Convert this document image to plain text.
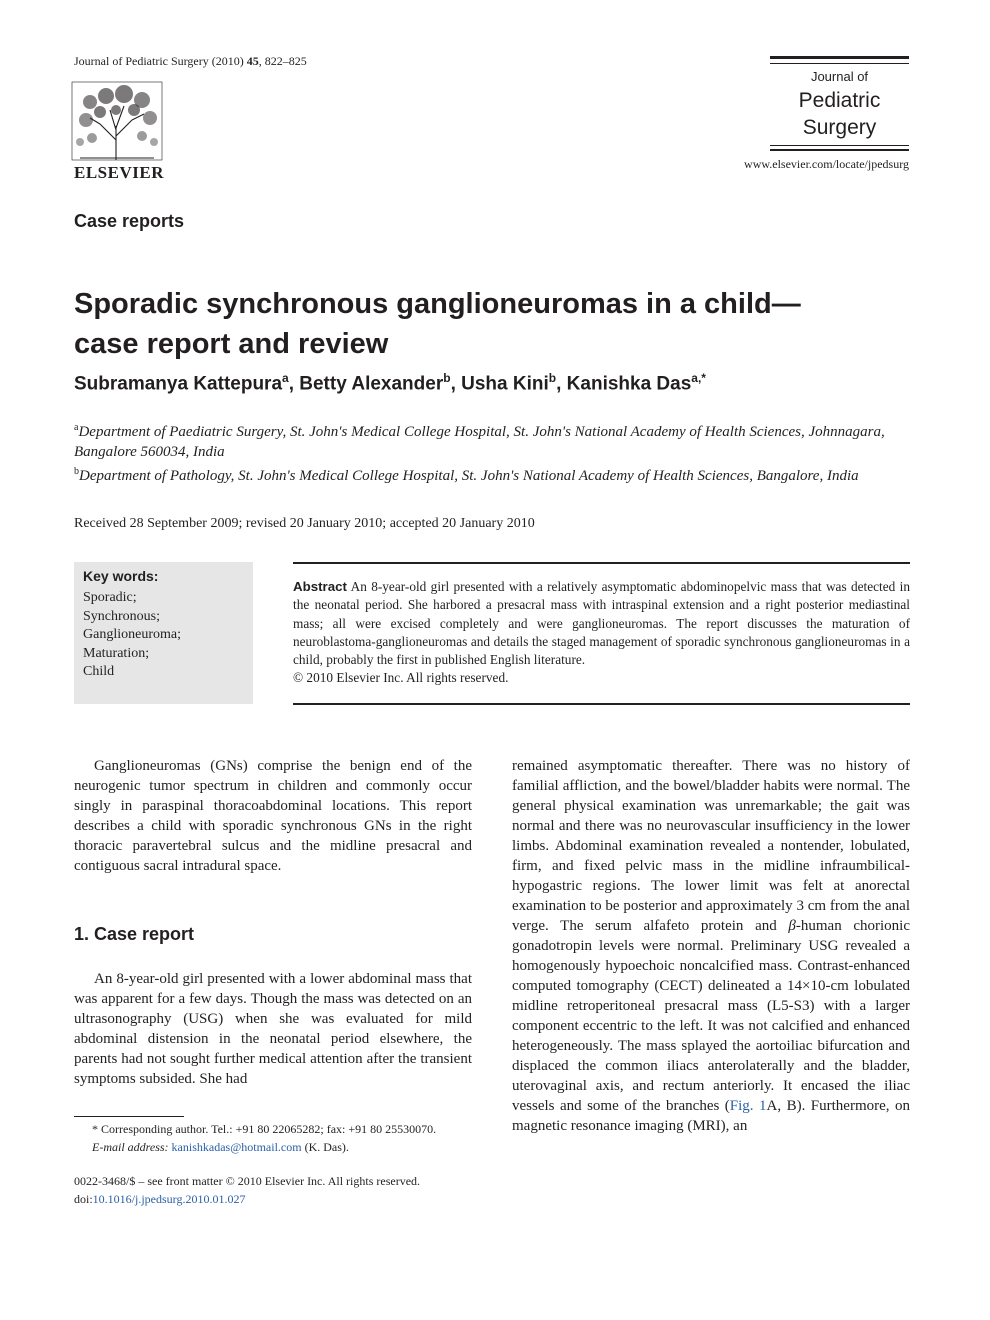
Journal of Pediatric Surgery (2010) 45, 822–825
ELSEVIER
Journal of
Pediatric
Surgery
www.elsevier.com/locate/jpedsurg
Case reports
Sporadic synchronous ganglioneuromas in a child—case report and review
Subramanya Kattepura$^a$, Betty Alexander$^b$, Usha Kini$^b$, Kanishka Das$^{a,*}$
$^a$Department of Paediatric Surgery, St. John's Medical College Hospital, St. John's National Academy of Health Sciences, Johnnagara, Bangalore 560034, India
$^b$Department of Pathology, St. John's Medical College Hospital, St. John's National Academy of Health Sciences, Bangalore, India
Received 28 September 2009; revised 20 January 2010; accepted 20 January 2010
Key words:
Sporadic;
Synchronous;
Ganglioneuroma;
Maturation;
Child
Abstract An 8-year-old girl presented with a relatively asymptomatic abdominopelvic mass that was detected in the neonatal period. She harbored a presacral mass with intraspinal extension and a right posterior mediastinal mass; all were excised completely and were ganglioneuromas. The report discusses the maturation of neuroblastoma-ganglioneuromas and details the staged management of sporadic synchronous ganglioneuromas in a child, probably the first in published English literature.
© 2010 Elsevier Inc. All rights reserved.

Ganglioneuromas (GNs) comprise the benign end of the neurogenic tumor spectrum in children and commonly occur singly in paraspinal thoracoabdominal locations. This report describes a child with sporadic synchronous GNs in the right thoracic paravertebral sulcus and the midline presacral and contiguous sacral intradural space.

1. Case report

An 8-year-old girl presented with a lower abdominal mass that was apparent for a few days. Though the mass was detected on an ultrasonography (USG) when she was evaluated for mild abdominal distension in the neonatal period elsewhere, the parents had not sought further medical attention after the transient symptoms subsided. She had

remained asymptomatic thereafter. There was no history of familial affliction, and the bowel/bladder habits were normal. The general physical examination was unremarkable; the gait was normal and there was no neurovascular insufficiency in the lower limbs. Abdominal examination revealed a nontender, lobulated, firm, and fixed pelvic mass in the midline infraumbilical-hypogastric regions. The lower limit was felt at anorectal examination to be posterior and approximately 3 cm from the anal verge. The serum alfafeto protein and β-human chorionic gonadotropin levels were normal. Preliminary USG revealed a homogenously hypoechoic noncalcified mass. Contrast-enhanced computed tomography (CECT) delineated a 14×10-cm lobulated midline retroperitoneal presacral mass (L5-S3) with a larger component eccentric to the left. It was not calcified and enhanced heterogeneously. The mass splayed the aortoiliac bifurcation and displaced the common iliacs anterolaterally and the bladder, uterovaginal axis, and rectum anteriorly. It encased the iliac vessels and some of the branches (Fig. 1A, B). Furthermore, on magnetic resonance imaging (MRI), an

* Corresponding author. Tel.: +91 80 22065282; fax: +91 80 25530070.

E-mail address: kanishkadas@hotmail.com (K. Das).

0022-3468/$ – see front matter © 2010 Elsevier Inc. All rights reserved.
doi:10.1016/j.jpedsurg.2010.01.027
